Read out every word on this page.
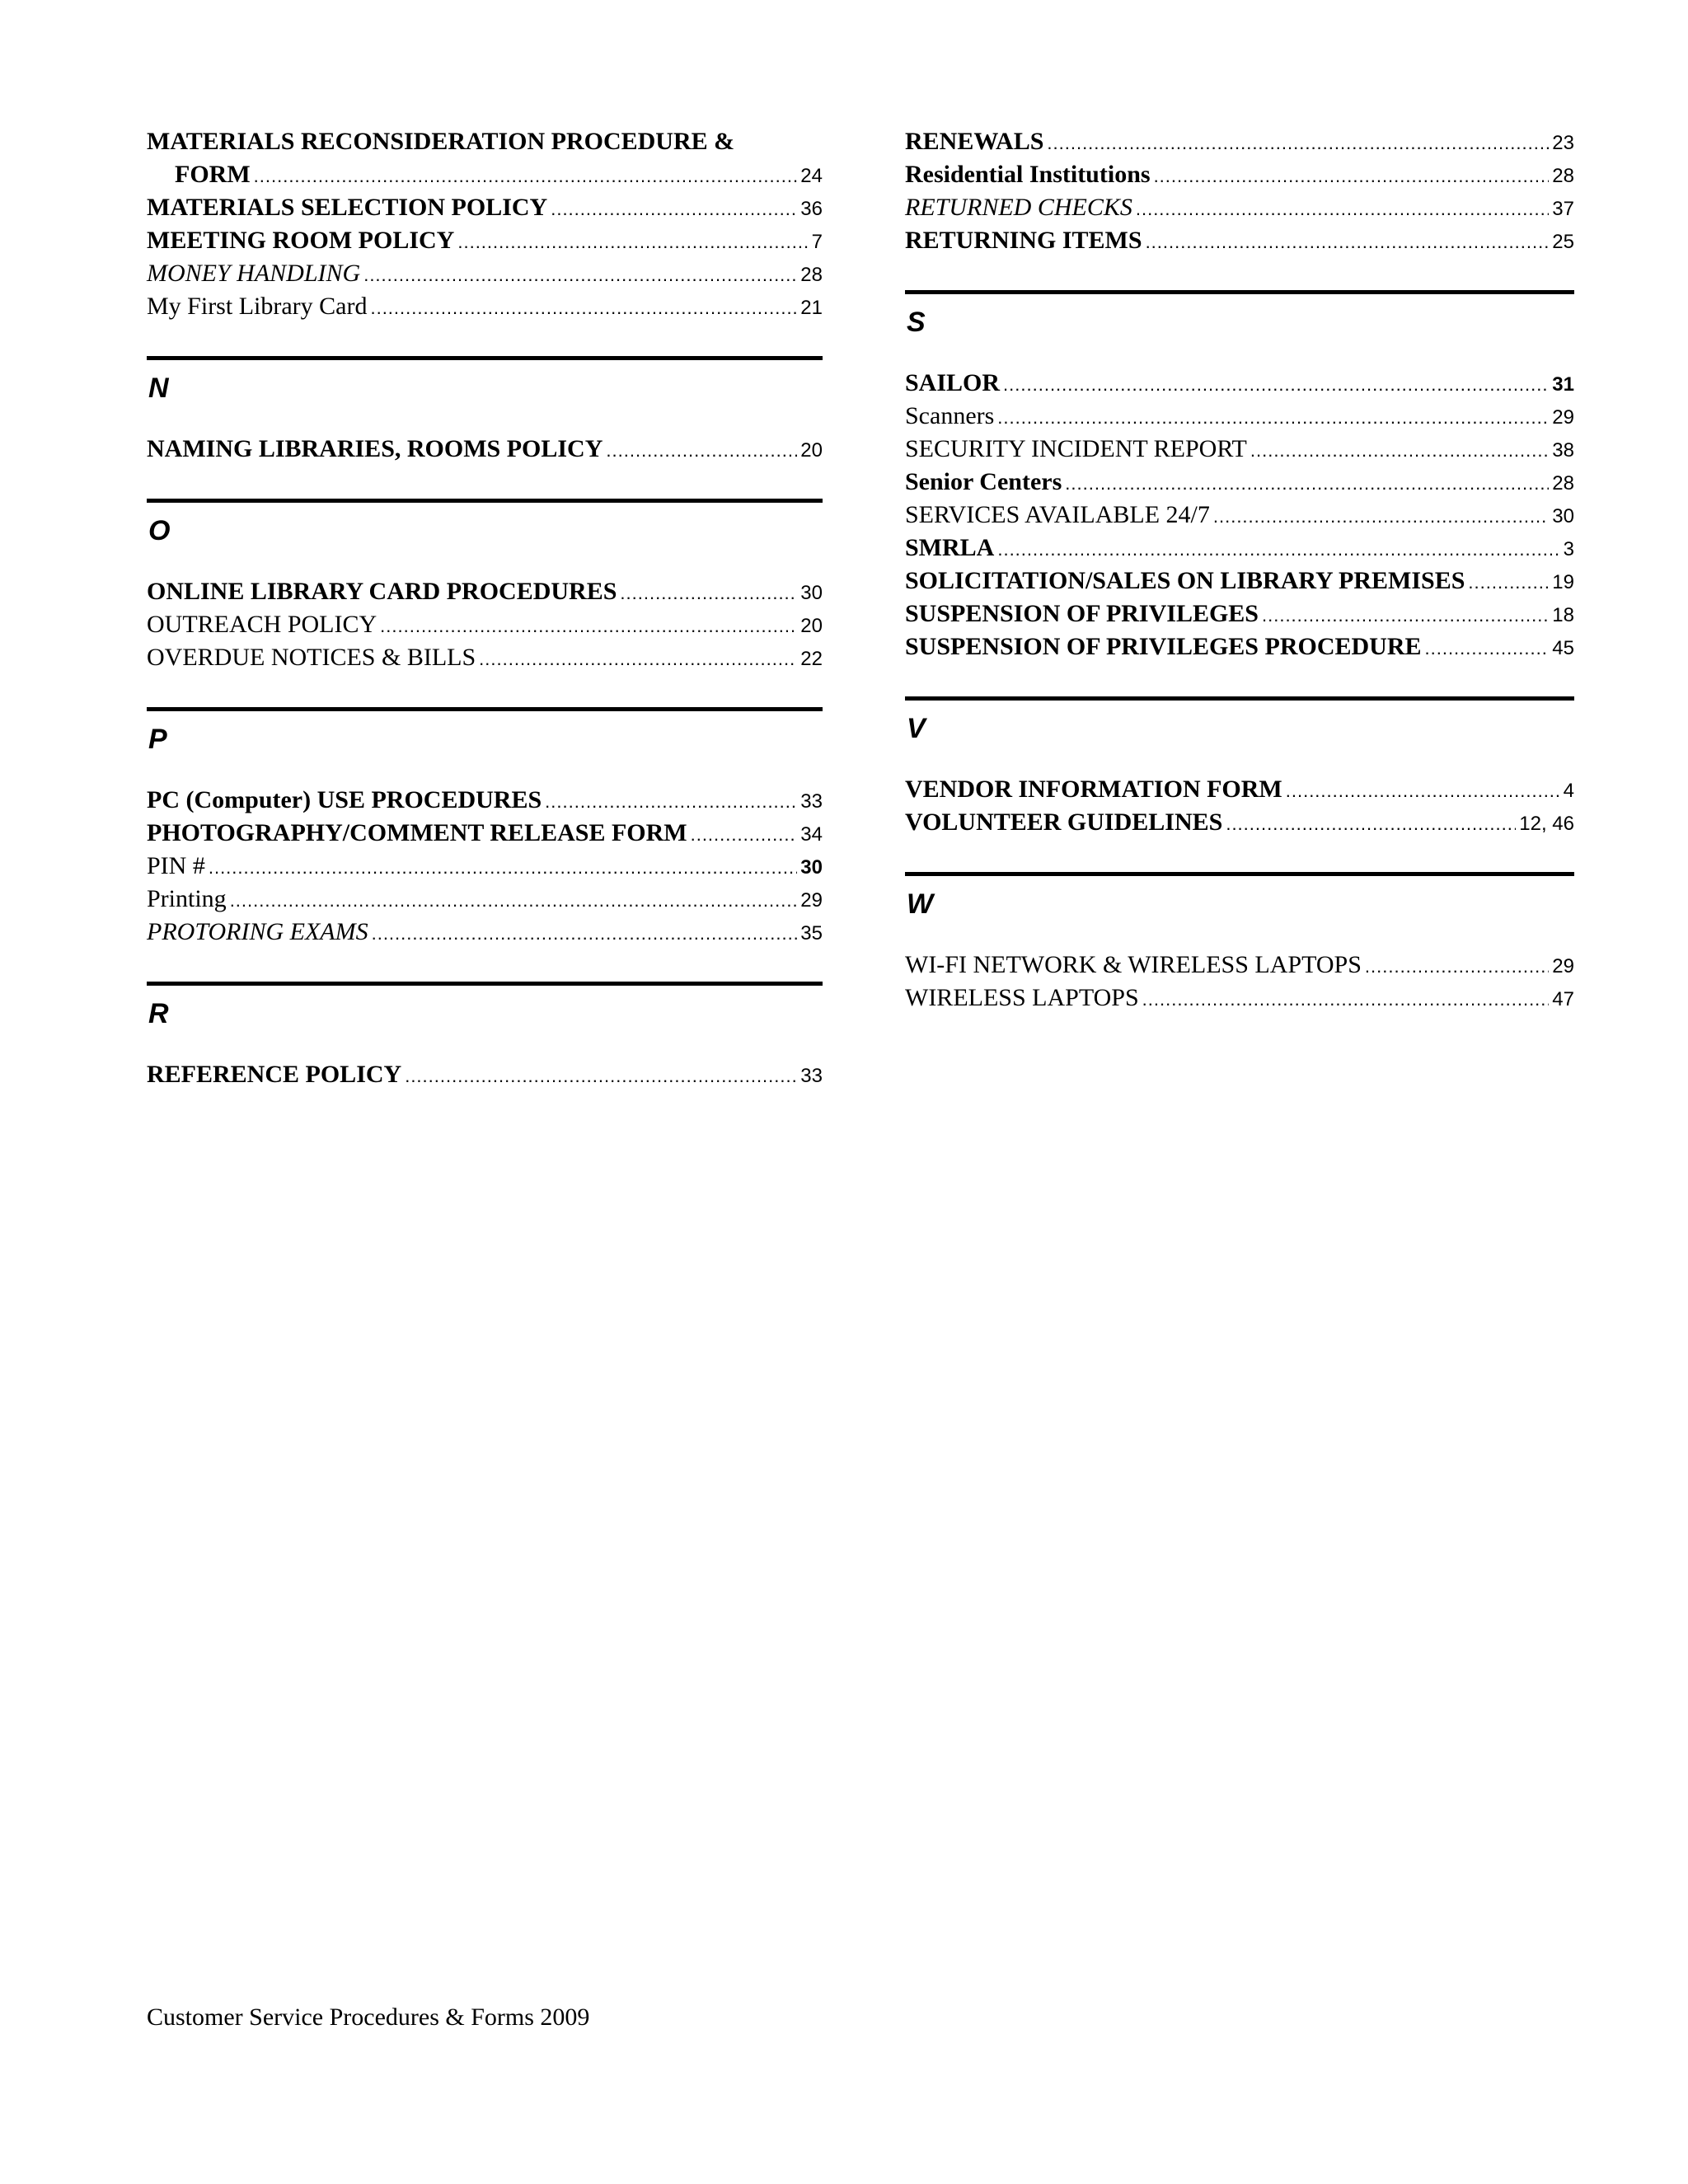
MATERIALS RECONSIDERATION PROCEDURE &
FORM .....	24
MATERIALS SELECTION POLICY .....	36
MEETING ROOM POLICY .....	7
MONEY HANDLING .....	28
My First Library Card .....	21
N
NAMING LIBRARIES, ROOMS POLICY .....	20
O
ONLINE LIBRARY CARD PROCEDURES .....	30
OUTREACH POLICY .....	20
OVERDUE NOTICES & BILLS .....	22
P
PC (Computer) USE PROCEDURES .....	33
PHOTOGRAPHY/COMMENT RELEASE FORM .....	34
PIN # .....	30
Printing .....	29
PROTORING EXAMS .....	35
R
REFERENCE POLICY .....	33
RENEWALS .....	23
Residential Institutions .....	28
RETURNED CHECKS .....	37
RETURNING ITEMS .....	25
S
SAILOR .....	31
Scanners .....	29
SECURITY INCIDENT REPORT .....	38
Senior Centers .....	28
SERVICES AVAILABLE 24/7 .....	30
SMRLA .....	3
SOLICITATION/SALES ON LIBRARY PREMISES .....	19
SUSPENSION OF PRIVILEGES .....	18
SUSPENSION OF PRIVILEGES PROCEDURE .....	45
V
VENDOR INFORMATION FORM .....	4
VOLUNTEER GUIDELINES .....	12, 46
W
WI-FI NETWORK & WIRELESS LAPTOPS .....	29
WIRELESS LAPTOPS .....	47
Customer Service Procedures & Forms 2009
